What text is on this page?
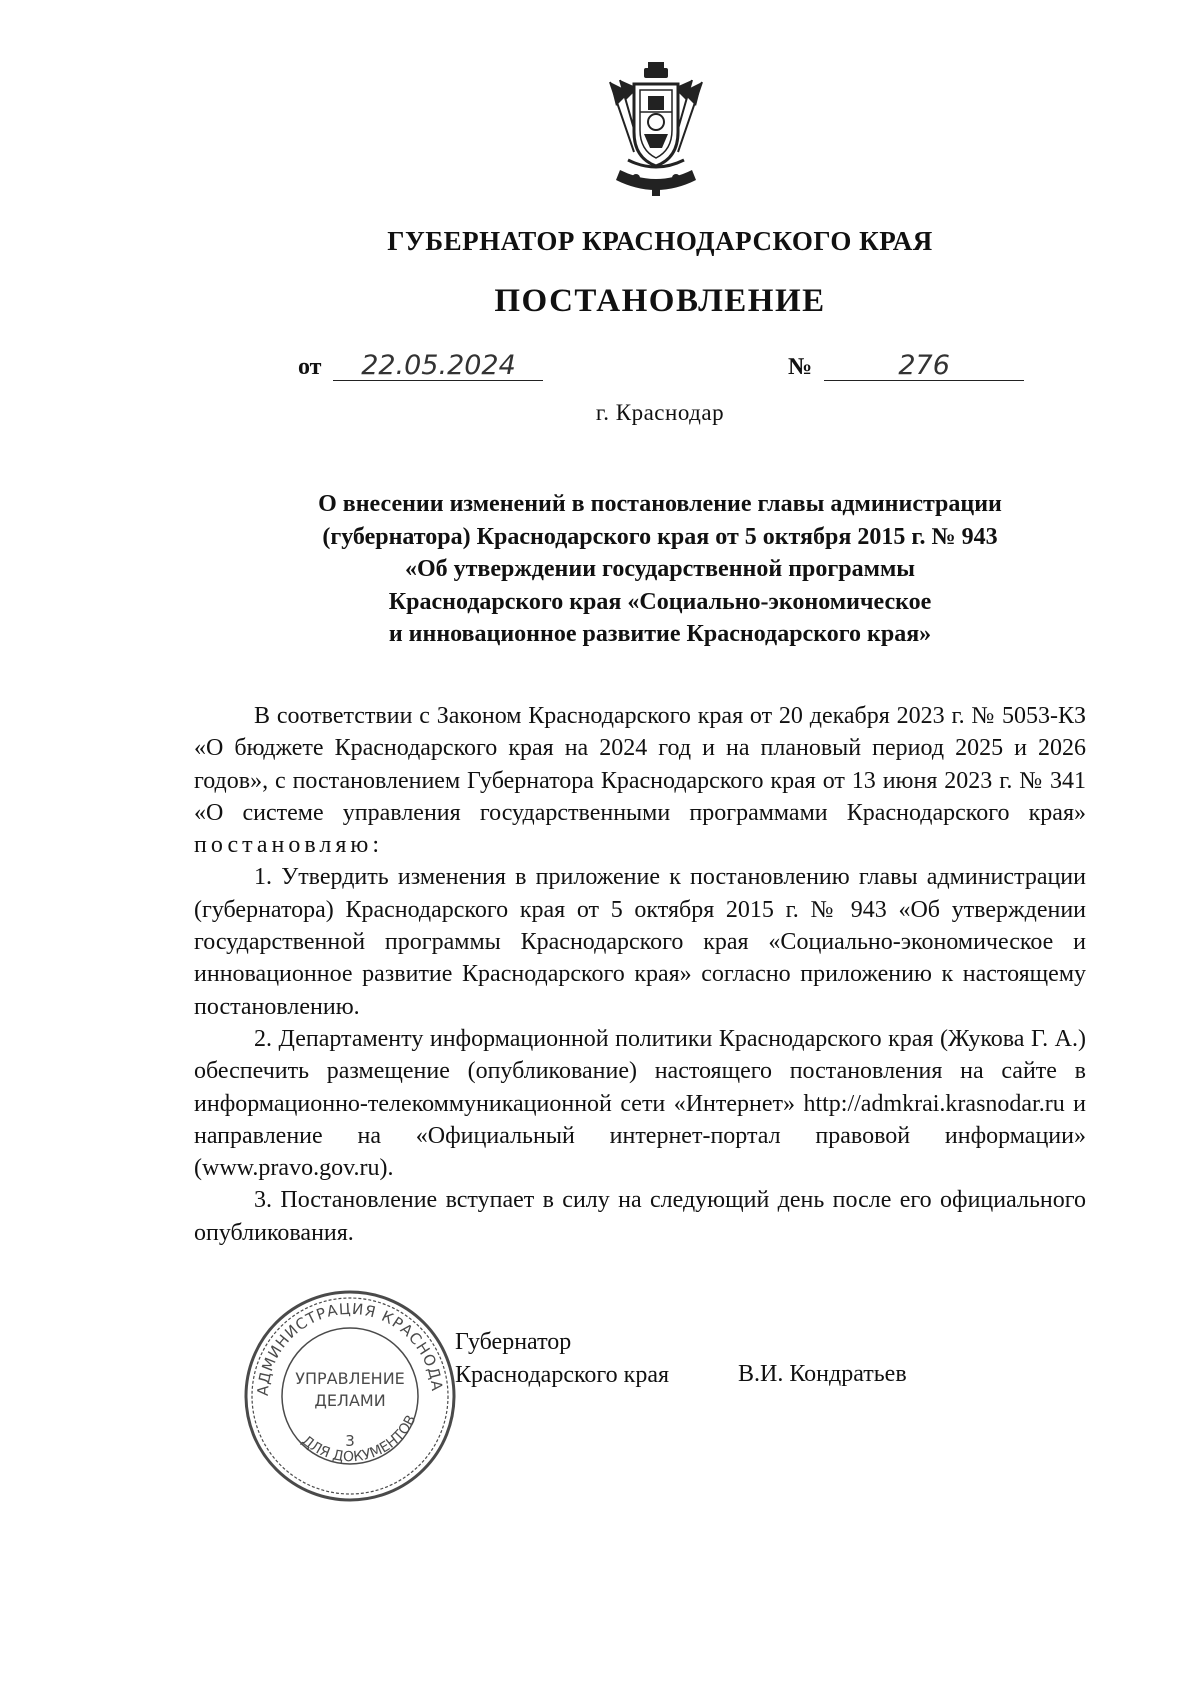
ГУБЕРНАТОР КРАСНОДАРСКОГО КРАЯ
ПОСТАНОВЛЕНИЕ
от 22.05.2024	№	276
г. Краснодар
О внесении изменений в постановление главы администрации
(губернатора) Краснодарского края от 5 октября 2015 г. № 943
«Об утверждении государственной программы
Краснодарского края «Социально-экономическое
и инновационное развитие Краснодарского края»

В соответствии с Законом Краснодарского края от 20 декабря 2023 г. № 5053-КЗ «О бюджете Краснодарского края на 2024 год и на плановый период 2025 и 2026 годов», с постановлением Губернатора Краснодарского края от 13 июня 2023 г. № 341 «О системе управления государственными программами Краснодарского края» постановляю:

1. Утвердить изменения в приложение к постановлению главы администрации (губернатора) Краснодарского края от 5 октября 2015 г. № 943 «Об утверждении государственной программы Краснодарского края «Социально-экономическое и инновационное развитие Краснодарского края» согласно приложению к настоящему постановлению.

2. Департаменту информационной политики Краснодарского края (Жукова Г. А.) обеспечить размещение (опубликование) настоящего постановления на сайте в информационно-телекоммуникационной сети «Интернет» http://admkrai.krasnodar.ru и направление на «Официальный интернет-портал правовой информации» (www.pravo.gov.ru).

3. Постановление вступает в силу на следующий день после его официального опубликования.

АДМИНИСТРАЦИЯ КРАСНОДА
ДЛЯ ДОКУМЕНТОВ
УПРАВЛЕНИЕ
ДЕЛАМИ
3
Губернатор
Краснодарского края	В.И. Кондратьев
